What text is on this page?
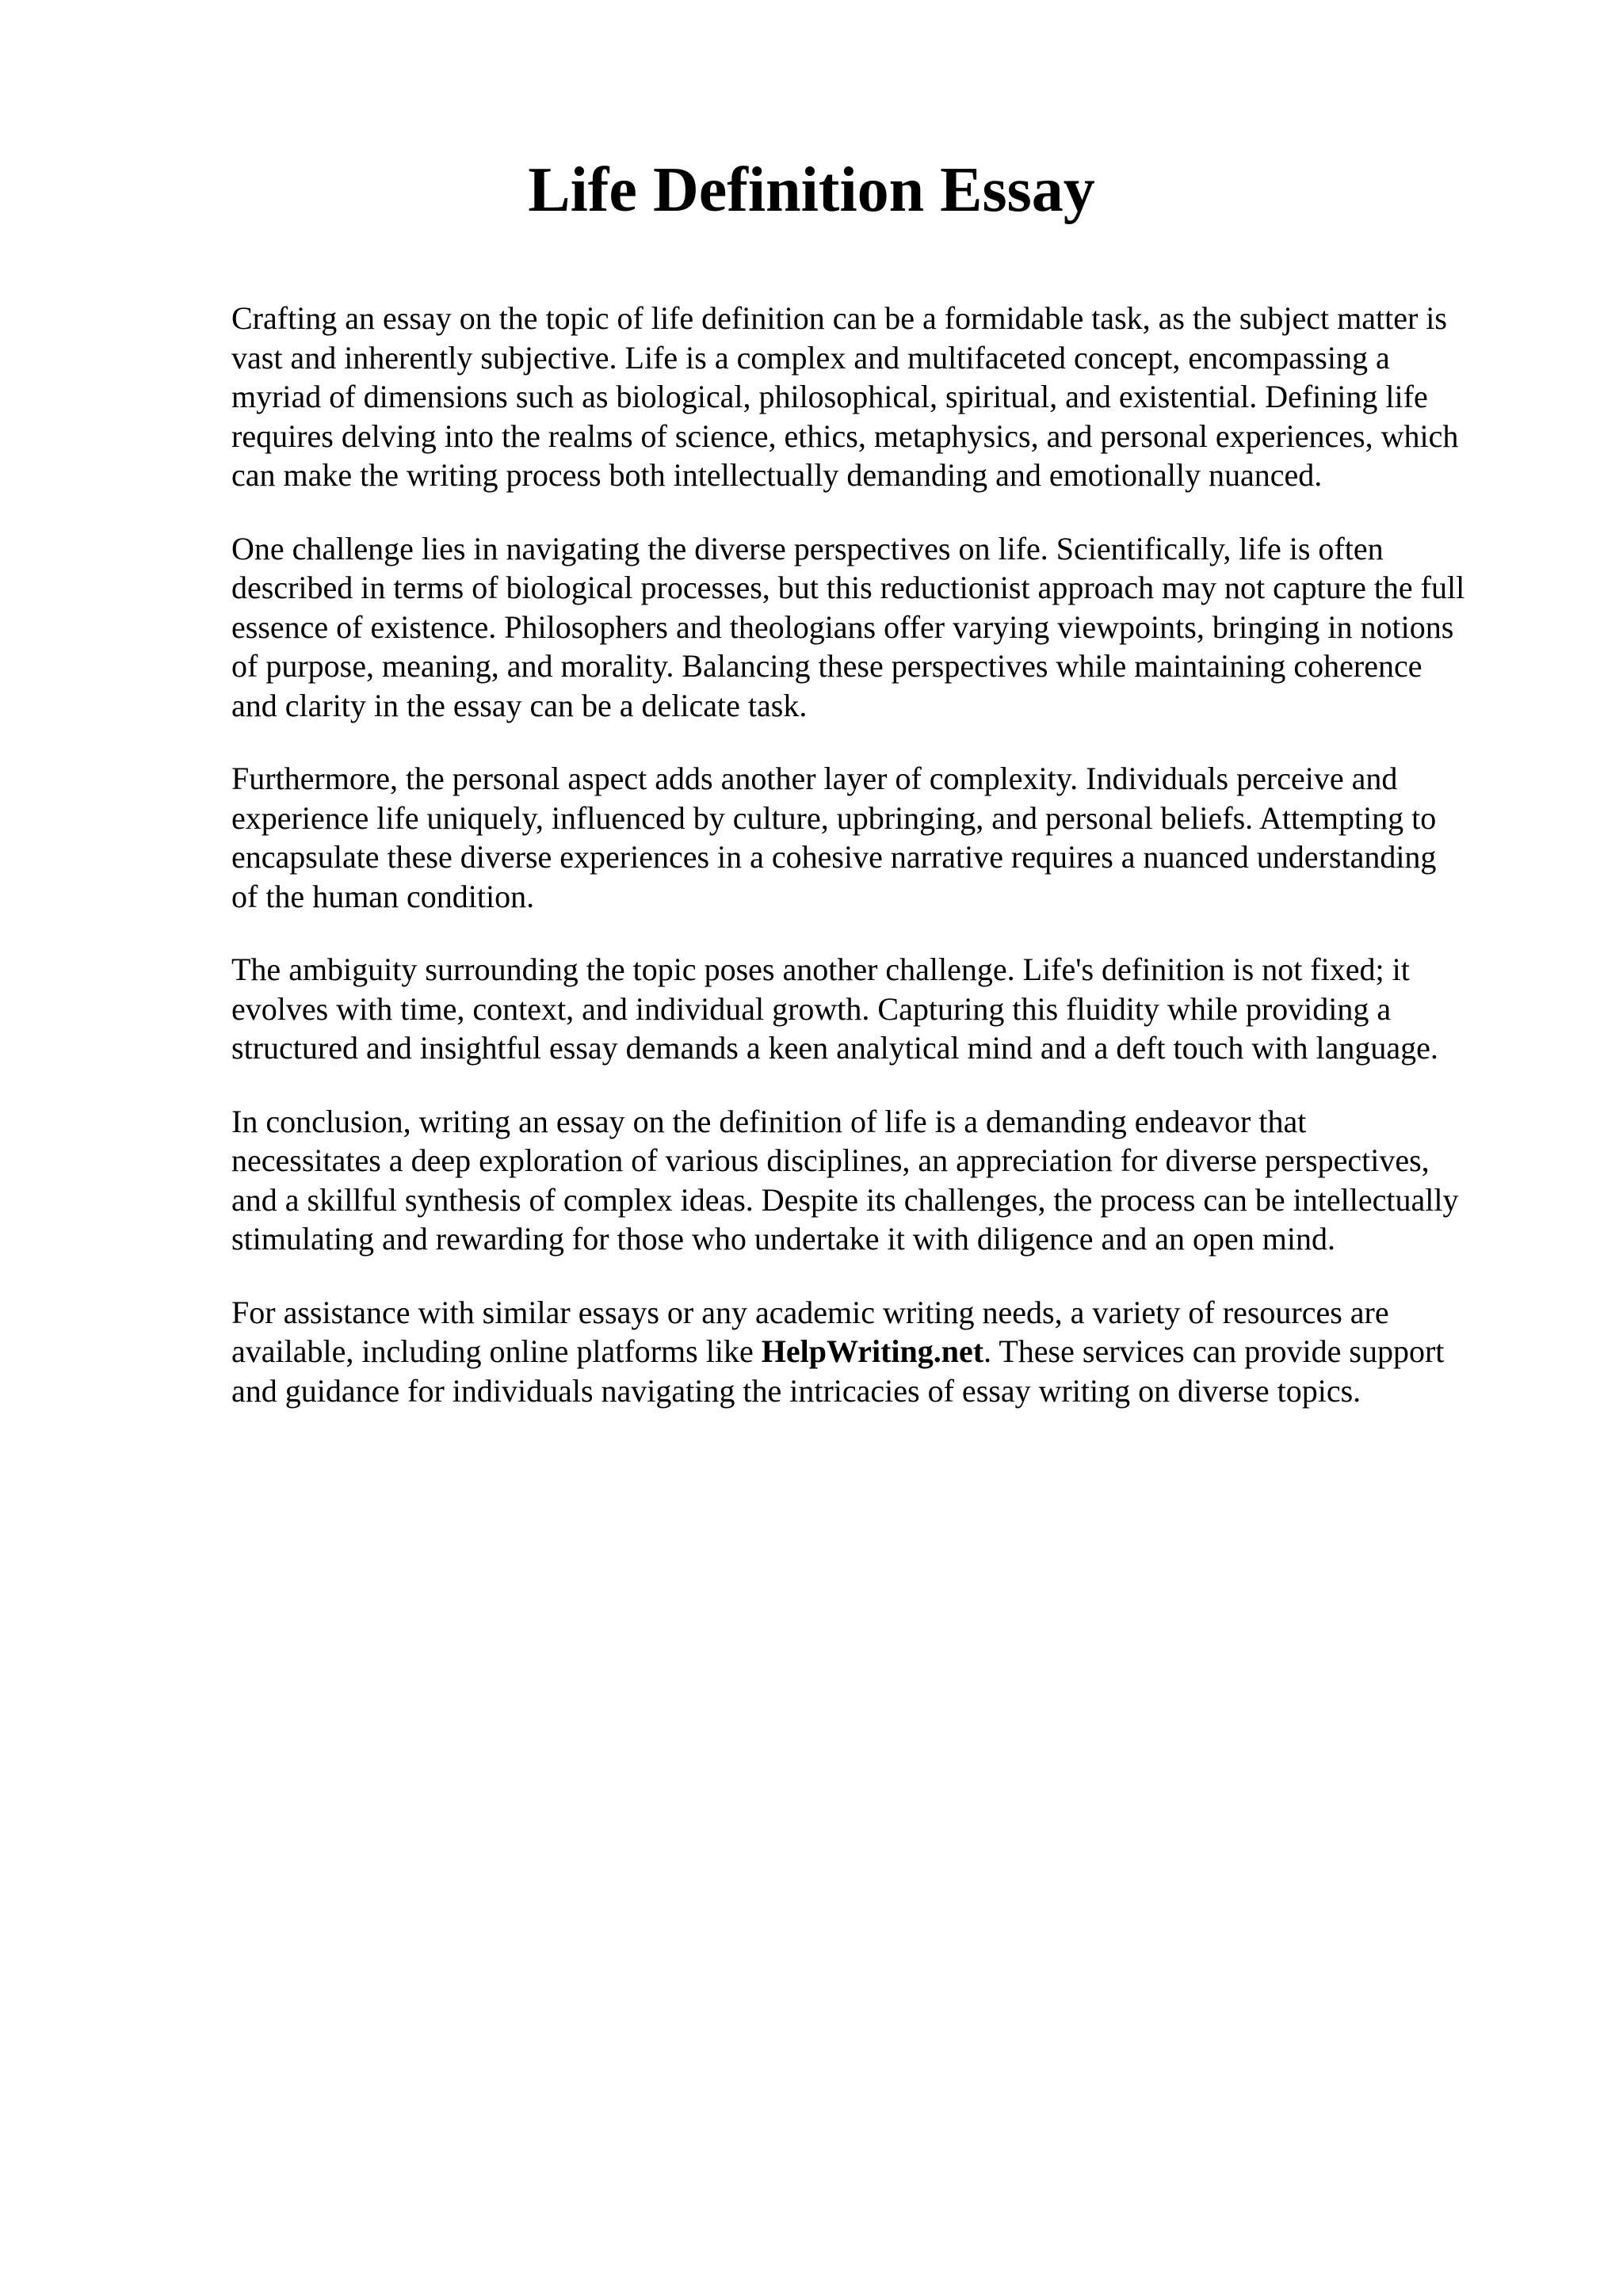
Life Definition Essay

Crafting an essay on the topic of life definition can be a formidable task, as the subject matter is
vast and inherently subjective. Life is a complex and multifaceted concept, encompassing a
myriad of dimensions such as biological, philosophical, spiritual, and existential. Defining life
requires delving into the realms of science, ethics, metaphysics, and personal experiences, which
can make the writing process both intellectually demanding and emotionally nuanced.

One challenge lies in navigating the diverse perspectives on life. Scientifically, life is often
described in terms of biological processes, but this reductionist approach may not capture the full
essence of existence. Philosophers and theologians offer varying viewpoints, bringing in notions
of purpose, meaning, and morality. Balancing these perspectives while maintaining coherence
and clarity in the essay can be a delicate task.

Furthermore, the personal aspect adds another layer of complexity. Individuals perceive and
experience life uniquely, influenced by culture, upbringing, and personal beliefs. Attempting to
encapsulate these diverse experiences in a cohesive narrative requires a nuanced understanding
of the human condition.

The ambiguity surrounding the topic poses another challenge. Life's definition is not fixed; it
evolves with time, context, and individual growth. Capturing this fluidity while providing a
structured and insightful essay demands a keen analytical mind and a deft touch with language.

In conclusion, writing an essay on the definition of life is a demanding endeavor that
necessitates a deep exploration of various disciplines, an appreciation for diverse perspectives,
and a skillful synthesis of complex ideas. Despite its challenges, the process can be intellectually
stimulating and rewarding for those who undertake it with diligence and an open mind.

For assistance with similar essays or any academic writing needs, a variety of resources are
available, including online platforms like HelpWriting.net. These services can provide support
and guidance for individuals navigating the intricacies of essay writing on diverse topics.
